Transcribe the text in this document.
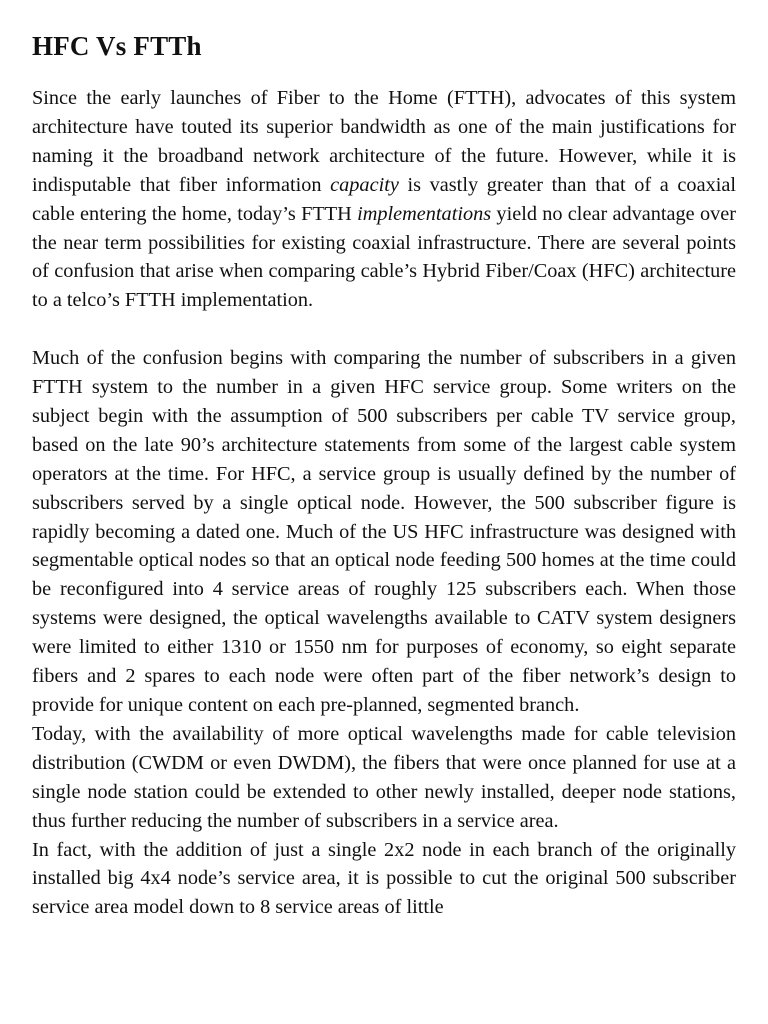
HFC Vs FTTh

Since the early launches of Fiber to the Home (FTTH), advocates of this system architecture have touted its superior bandwidth as one of the main justifications for naming it the broadband network architecture of the future. However, while it is indisputable that fiber information capacity is vastly greater than that of a coaxial cable entering the home, today’s FTTH implementations yield no clear advantage over the near term possibilities for existing coaxial infrastructure. There are several points of confusion that arise when comparing cable’s Hybrid Fiber/Coax (HFC) architecture to a telco’s FTTH implementation.

Much of the confusion begins with comparing the number of subscribers in a given FTTH system to the number in a given HFC service group. Some writers on the subject begin with the assumption of 500 subscribers per cable TV service group, based on the late 90’s architecture statements from some of the largest cable system operators at the time. For HFC, a service group is usually defined by the number of subscribers served by a single optical node. However, the 500 subscriber figure is rapidly becoming a dated one. Much of the US HFC infrastructure was designed with segmentable optical nodes so that an optical node feeding 500 homes at the time could be reconfigured into 4 service areas of roughly 125 subscribers each. When those systems were designed, the optical wavelengths available to CATV system designers were limited to either 1310 or 1550 nm for purposes of economy, so eight separate fibers and 2 spares to each node were often part of the fiber network’s design to provide for unique content on each pre-planned, segmented branch.

Today, with the availability of more optical wavelengths made for cable television distribution (CWDM or even DWDM), the fibers that were once planned for use at a single node station could be extended to other newly installed, deeper node stations, thus further reducing the number of subscribers in a service area.

In fact, with the addition of just a single 2x2 node in each branch of the originally installed big 4x4 node’s service area, it is possible to cut the original 500 subscriber service area model down to 8 service areas of little
